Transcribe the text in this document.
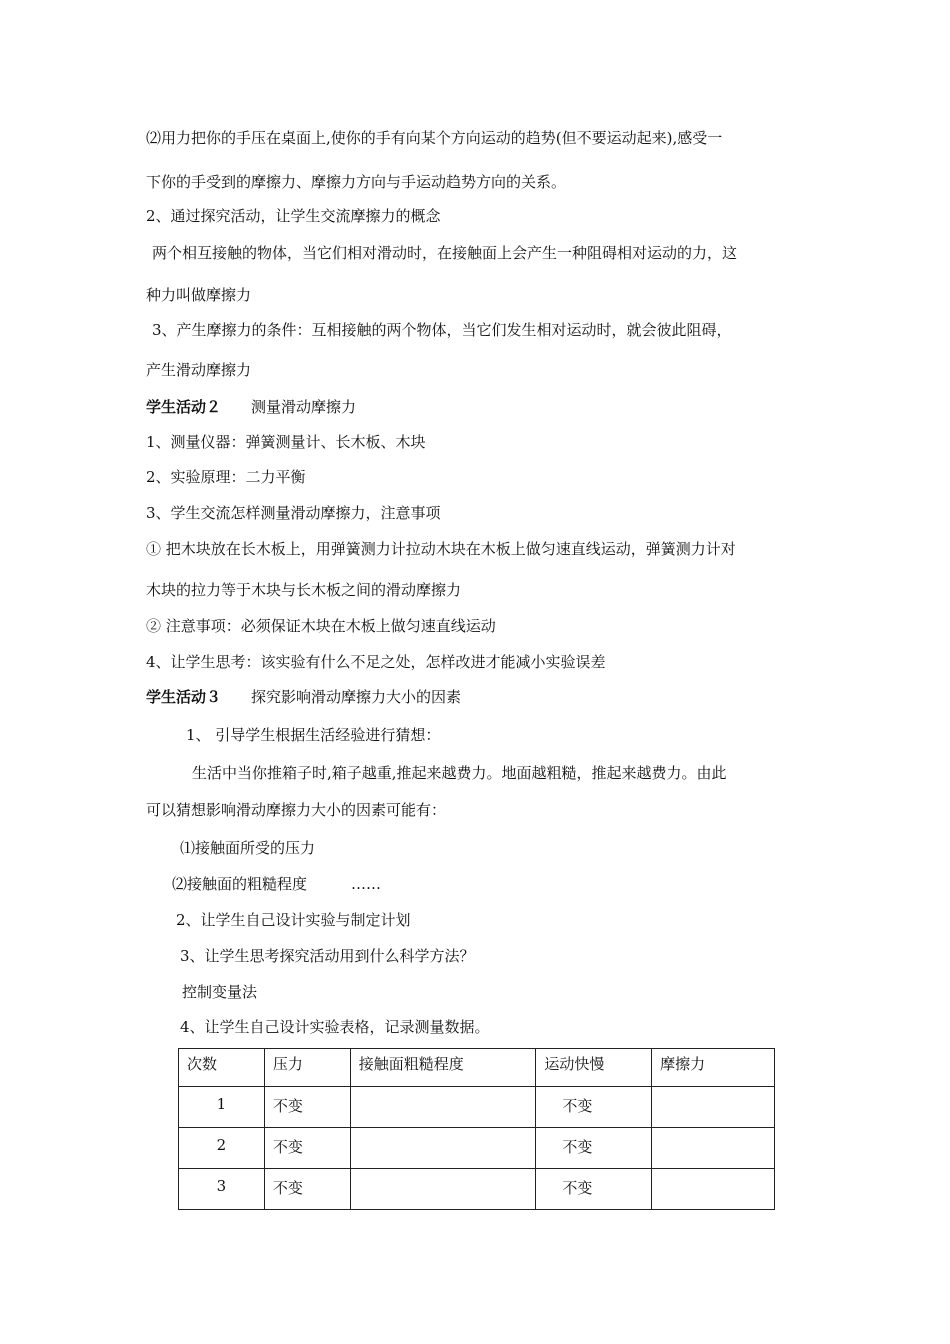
⑵用力把你的手压在桌面上,使你的手有向某个方向运动的趋势(但不要运动起来),感受一
下你的手受到的摩擦力、摩擦力方向与手运动趋势方向的关系。
2、通过探究活动，让学生交流摩擦力的概念
两个相互接触的物体，当它们相对滑动时，在接触面上会产生一种阻碍相对运动的力，这
种力叫做摩擦力
3、产生摩擦力的条件：互相接触的两个物体，当它们发生相对运动时，就会彼此阻碍，
产生滑动摩擦力
学生活动２ 测量滑动摩擦力
1、测量仪器：弹簧测量计、长木板、木块
2、实验原理：二力平衡
3、学生交流怎样测量滑动摩擦力，注意事项
① 把木块放在长木板上，用弹簧测力计拉动木块在木板上做匀速直线运动，弹簧测力计对
木块的拉力等于木块与长木板之间的滑动摩擦力
② 注意事项：必须保证木块在木板上做匀速直线运动
4、让学生思考：该实验有什么不足之处，怎样改进才能减小实验误差
学生活动３ 探究影响滑动摩擦力大小的因素
1、 引导学生根据生活经验进行猜想：
生活中当你推箱子时,箱子越重,推起来越费力。地面越粗糙，推起来越费力。由此
可以猜想影响滑动摩擦力大小的因素可能有：
⑴接触面所受的压力
⑵接触面的粗糙程度	……
2、让学生自己设计实验与制定计划
3、让学生思考探究活动用到什么科学方法？
控制变量法
4、让学生自己设计实验表格，记录测量数据。
次数	压力	接触面粗糙程度	运动快慢	摩擦力
1	不变		不变	
2	不变		不变	
3	不变		不变	
